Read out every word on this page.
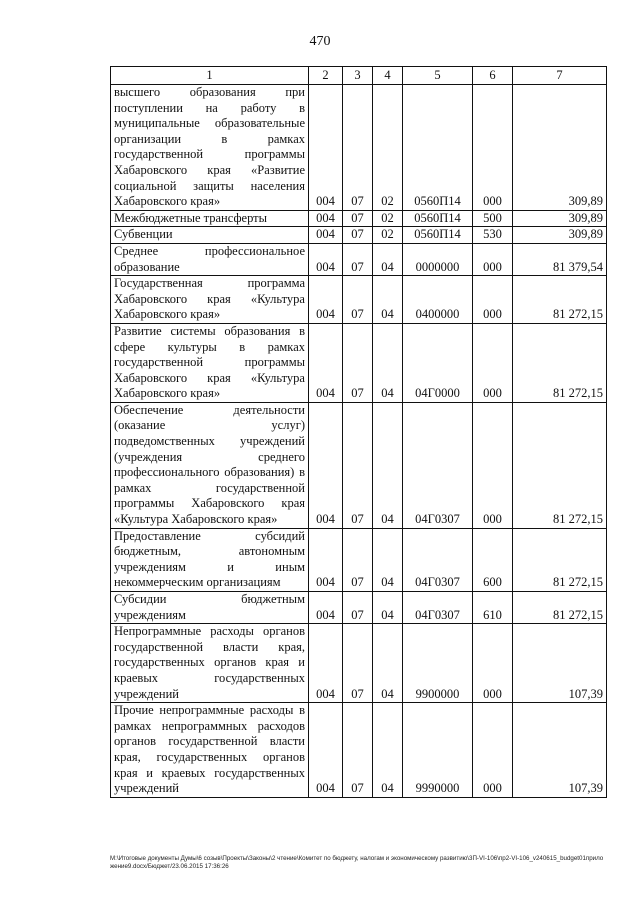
470
1	2	3	4	5	6	7
высшего образования при поступлении на работу в муниципальные образовательные организации в рамках государственной программы Хабаровского края «Развитие социальной защиты населения Хабаровского края»	004	07	02	0560П14	000	309,89
Межбюджетные трансферты	004	07	02	0560П14	500	309,89
Субвенции	004	07	02	0560П14	530	309,89
Среднее профессиональное образование	004	07	04	0000000	000	81 379,54
Государственная программа Хабаровского края «Культура Хабаровского края»	004	07	04	0400000	000	81 272,15
Развитие системы образования в сфере культуры в рамках государственной программы Хабаровского края «Культура Хабаровского края»	004	07	04	04Г0000	000	81 272,15
Обеспечение деятельности (оказание услуг) подведомственных учреждений (учреждения среднего профессионального образования) в рамках государственной программы Хабаровского края «Культура Хабаровского края»	004	07	04	04Г0307	000	81 272,15
Предоставление субсидий бюджетным, автономным учреждениям и иным некоммерческим организациям	004	07	04	04Г0307	600	81 272,15
Субсидии бюджетным учреждениям	004	07	04	04Г0307	610	81 272,15
Непрограммные расходы органов государственной власти края, государственных органов края и краевых государственных учреждений	004	07	04	9900000	000	107,39
Прочие непрограммные расходы в рамках непрограммных расходов органов государственной власти края, государственных органов края и краевых государственных учреждений	004	07	04	9990000	000	107,39
M:\Итоговые документы Думы\6 созыв\Проекты\Законы\2 чтение\Комитет по бюджету, налогам и экономическому развитию\3П-VI-106\пр2-VI-106_v240615_budget01приложение9.docx/Бюджет/23.06.2015 17:36:26
